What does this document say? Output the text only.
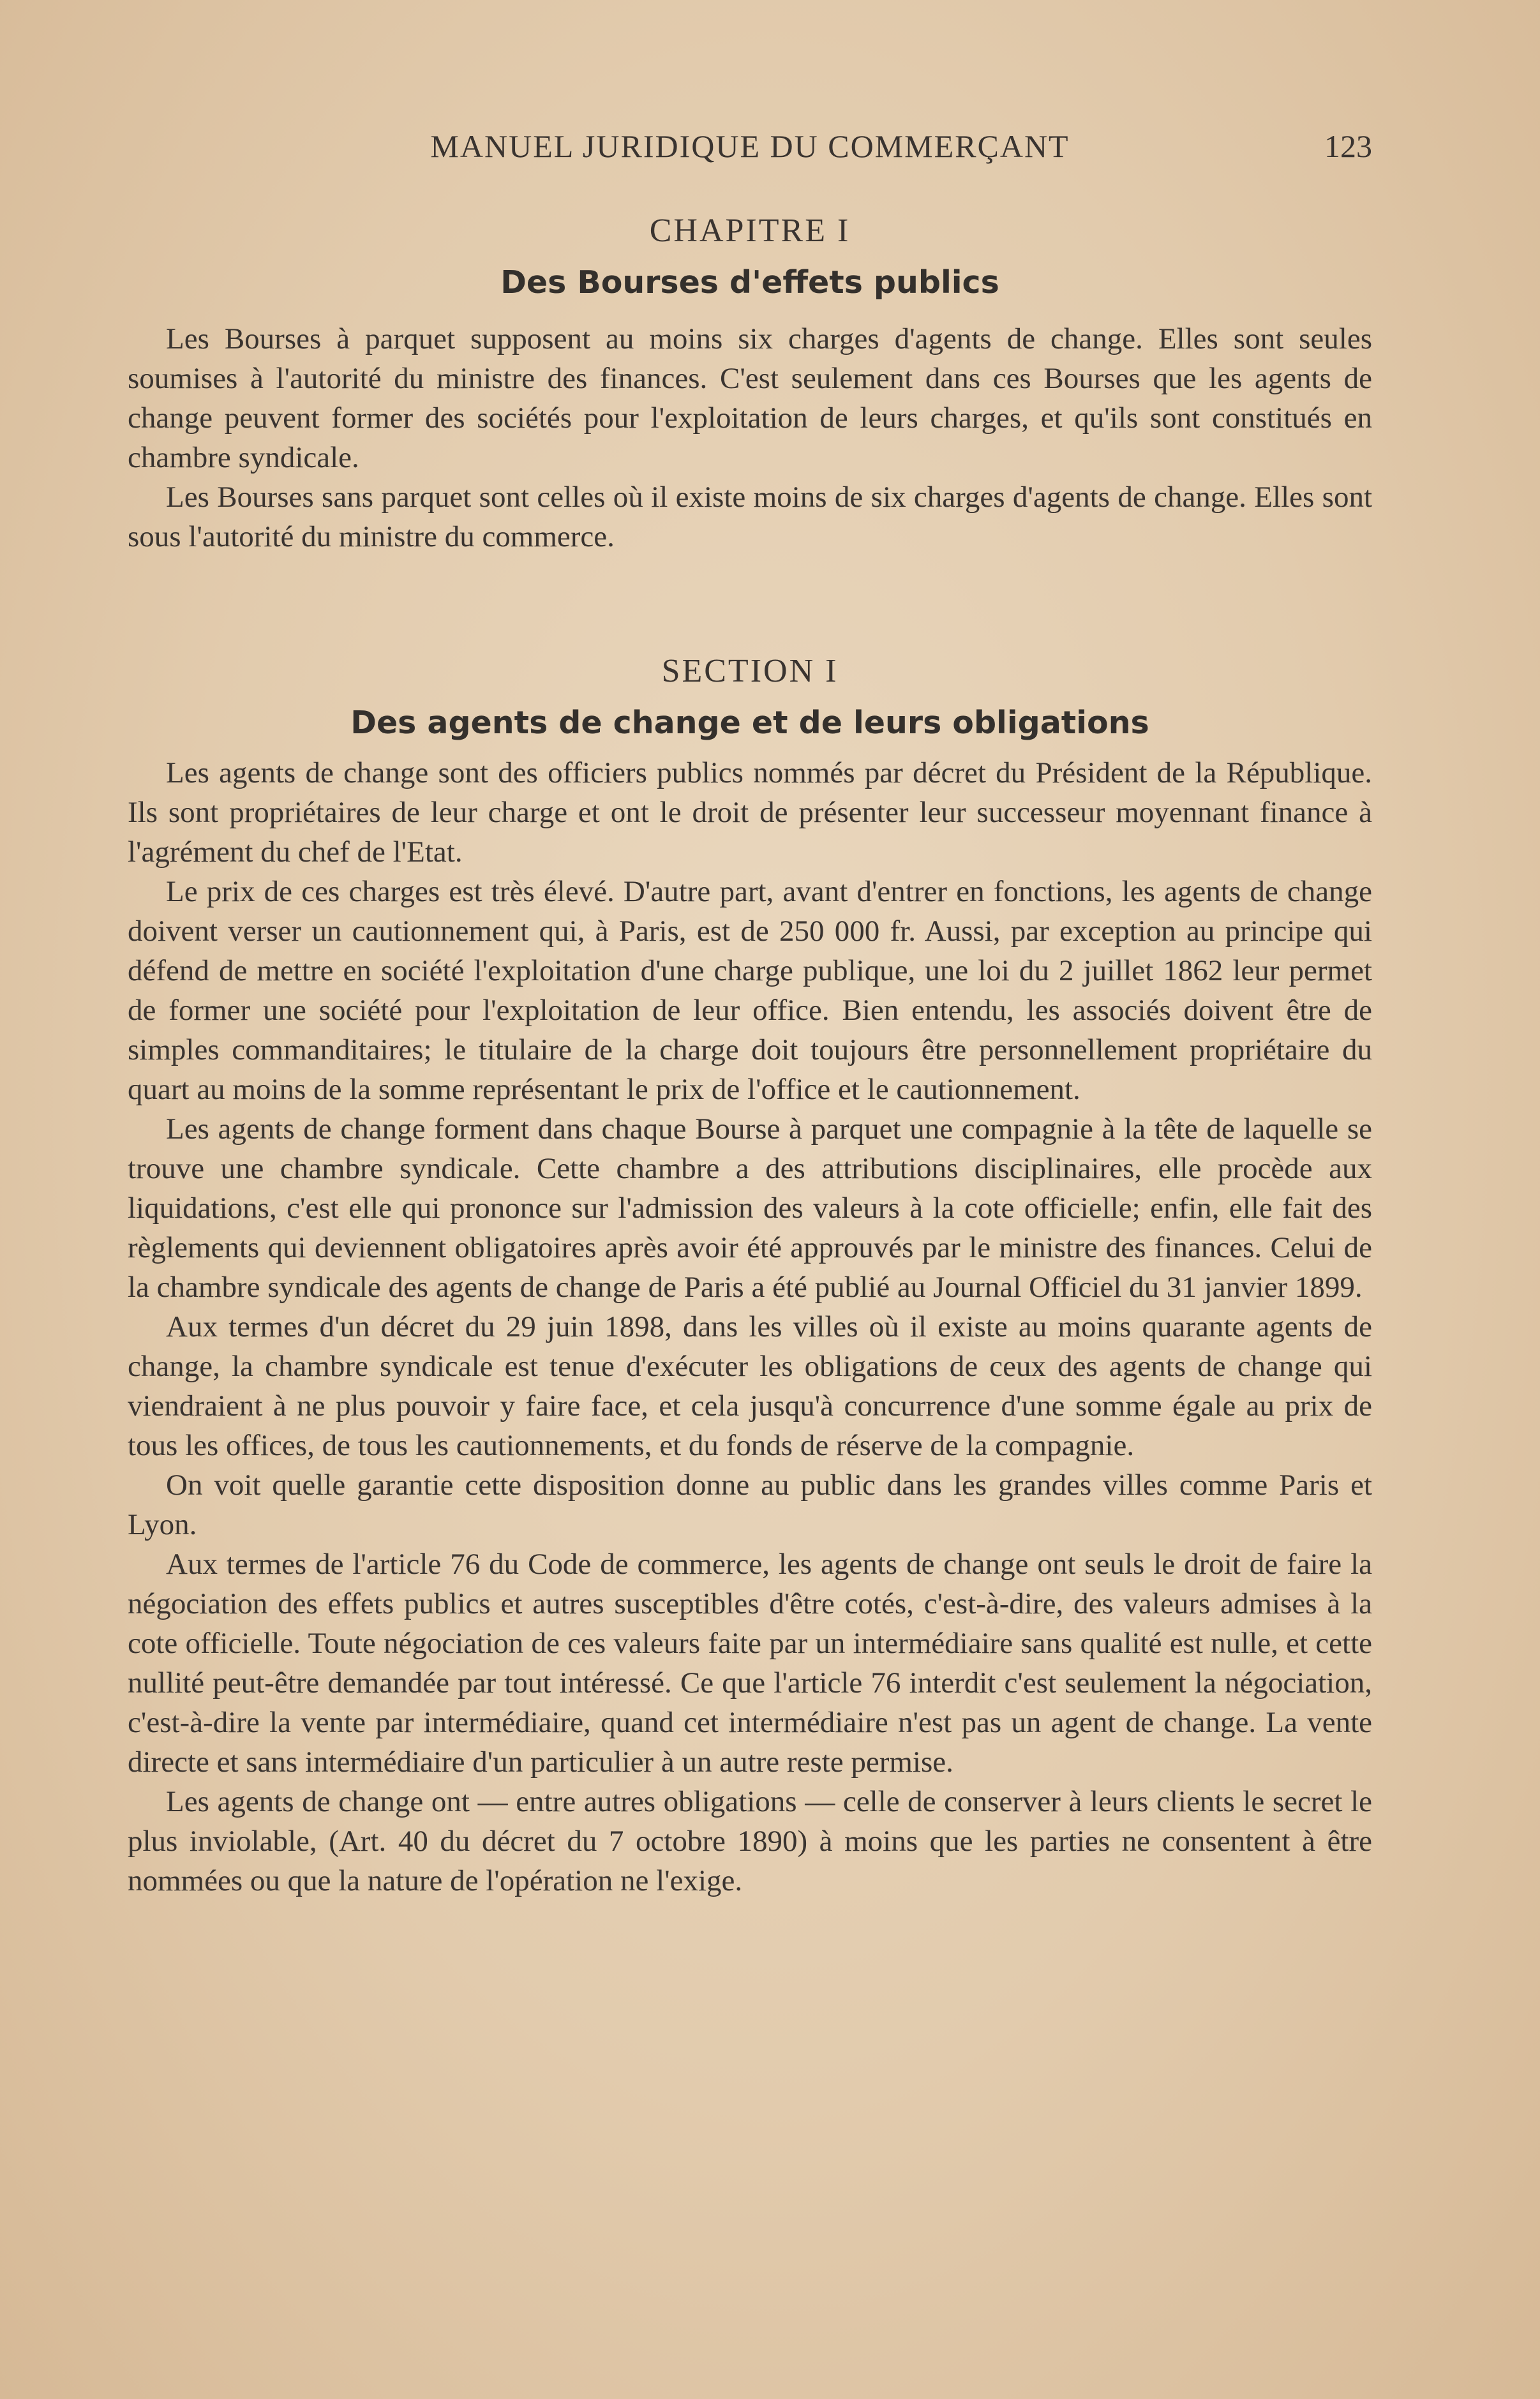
MANUEL JURIDIQUE DU COMMERÇANT	123
CHAPITRE I
Des Bourses d'effets publics

Les Bourses à parquet supposent au moins six charges d'agents de change. Elles sont seules soumises à l'autorité du ministre des finances. C'est seulement dans ces Bourses que les agents de change peuvent former des sociétés pour l'exploitation de leurs charges, et qu'ils sont constitués en chambre syndicale.

Les Bourses sans parquet sont celles où il existe moins de six charges d'agents de change. Elles sont sous l'autorité du ministre du commerce.

SECTION I
Des agents de change et de leurs obligations

Les agents de change sont des officiers publics nommés par décret du Président de la République. Ils sont propriétaires de leur charge et ont le droit de présenter leur successeur moyennant finance à l'agrément du chef de l'Etat.

Le prix de ces charges est très élevé. D'autre part, avant d'entrer en fonctions, les agents de change doivent verser un cautionnement qui, à Paris, est de 250 000 fr. Aussi, par exception au principe qui défend de mettre en société l'exploitation d'une charge publique, une loi du 2 juillet 1862 leur permet de former une société pour l'exploitation de leur office. Bien entendu, les associés doivent être de simples commanditaires; le titulaire de la charge doit toujours être personnellement propriétaire du quart au moins de la somme représentant le prix de l'office et le cautionnement.

Les agents de change forment dans chaque Bourse à parquet une compagnie à la tête de laquelle se trouve une chambre syndicale. Cette chambre a des attributions disciplinaires, elle procède aux liquidations, c'est elle qui prononce sur l'admission des valeurs à la cote officielle; enfin, elle fait des règlements qui deviennent obligatoires après avoir été approuvés par le ministre des finances. Celui de la chambre syndicale des agents de change de Paris a été publié au Journal Officiel du 31 janvier 1899.

Aux termes d'un décret du 29 juin 1898, dans les villes où il existe au moins quarante agents de change, la chambre syndicale est tenue d'exécuter les obligations de ceux des agents de change qui viendraient à ne plus pouvoir y faire face, et cela jusqu'à concurrence d'une somme égale au prix de tous les offices, de tous les cautionnements, et du fonds de réserve de la compagnie.

On voit quelle garantie cette disposition donne au public dans les grandes villes comme Paris et Lyon.

Aux termes de l'article 76 du Code de commerce, les agents de change ont seuls le droit de faire la négociation des effets publics et autres susceptibles d'être cotés, c'est-à-dire, des valeurs admises à la cote officielle. Toute négociation de ces valeurs faite par un intermédiaire sans qualité est nulle, et cette nullité peut-être demandée par tout intéressé. Ce que l'article 76 interdit c'est seulement la négociation, c'est-à-dire la vente par intermédiaire, quand cet intermédiaire n'est pas un agent de change. La vente directe et sans intermédiaire d'un particulier à un autre reste permise.

Les agents de change ont — entre autres obligations — celle de conserver à leurs clients le secret le plus inviolable, (Art. 40 du décret du 7 octobre 1890) à moins que les parties ne consentent à être nommées ou que la nature de l'opération ne l'exige.
